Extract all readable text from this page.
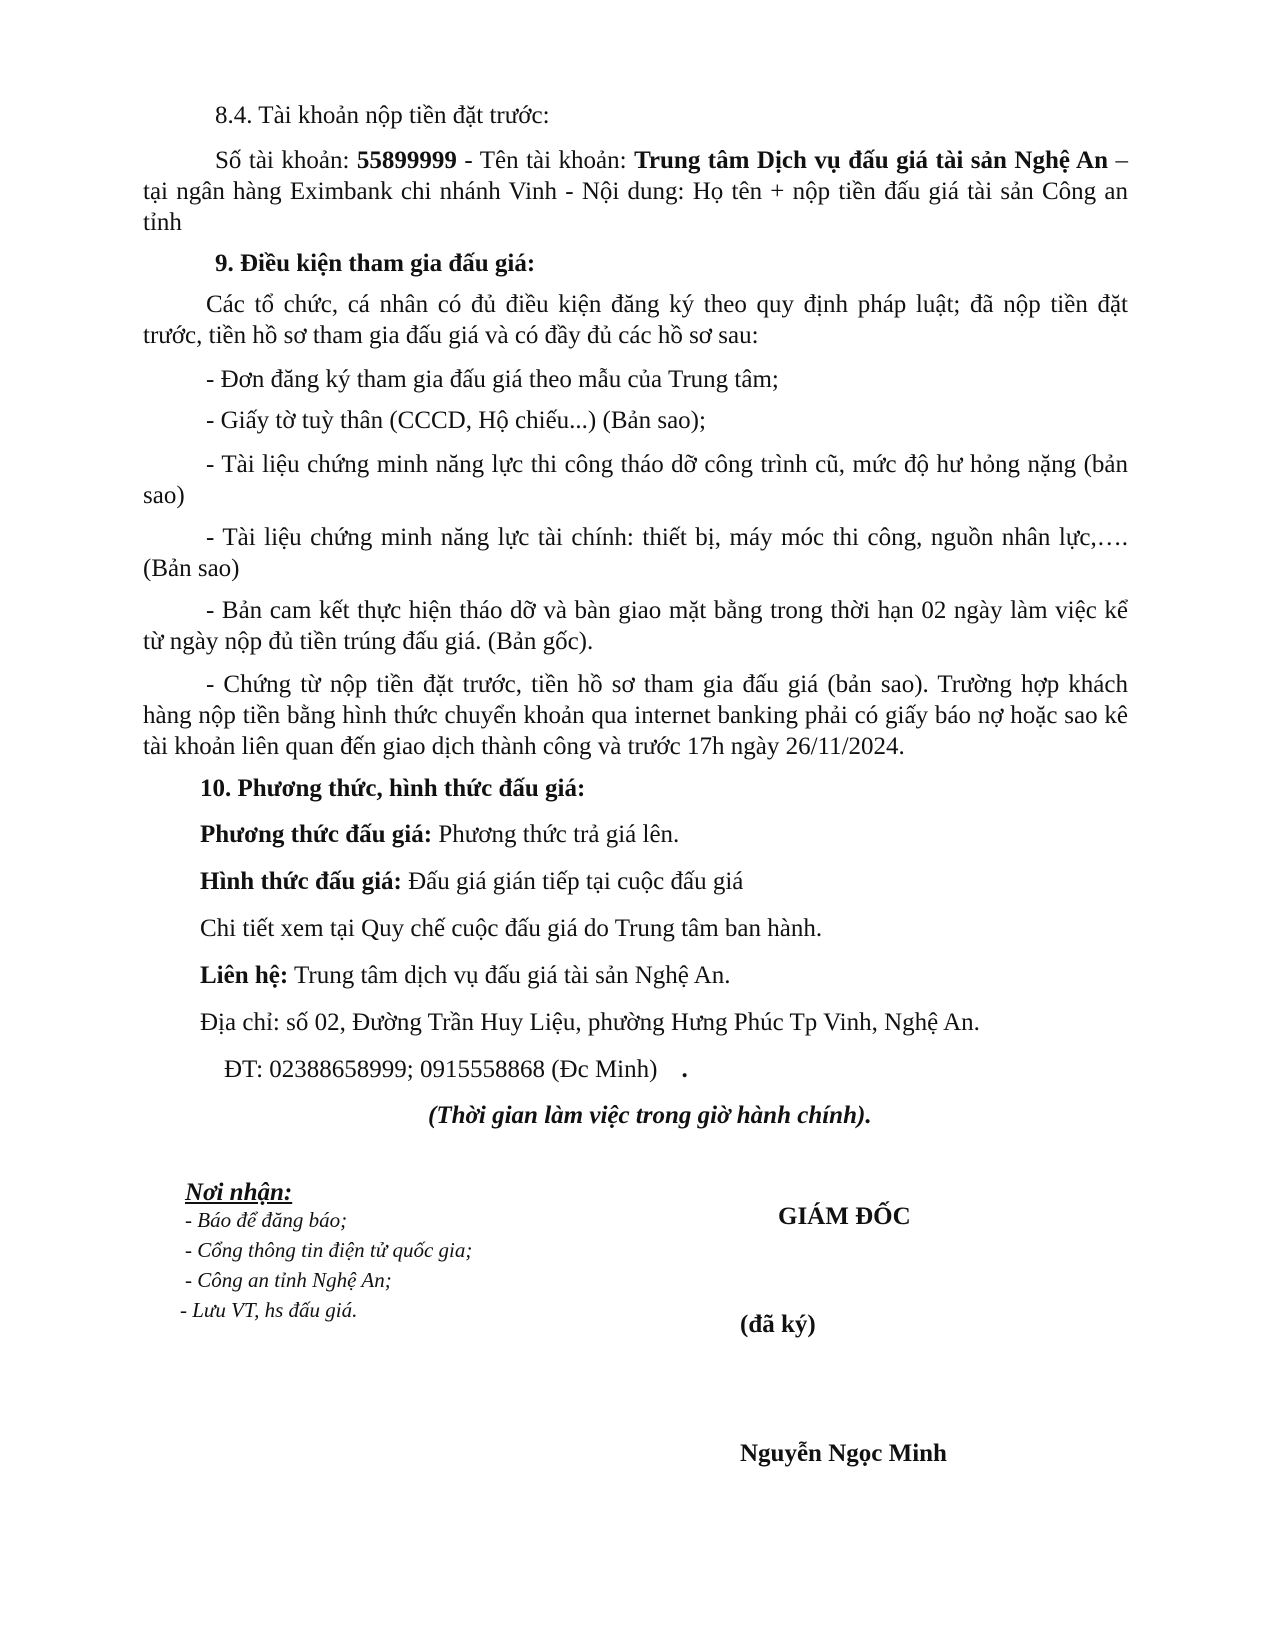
8.4. Tài khoản nộp tiền đặt trước:
Số tài khoản: 55899999 - Tên tài khoản: Trung tâm Dịch vụ đấu giá tài sản Nghệ An – tại ngân hàng Eximbank chi nhánh Vinh - Nội dung: Họ tên + nộp tiền đấu giá tài sản Công an tỉnh
9. Điều kiện tham gia đấu giá:
Các tổ chức, cá nhân có đủ điều kiện đăng ký theo quy định pháp luật; đã nộp tiền đặt trước, tiền hồ sơ tham gia đấu giá và có đầy đủ các hồ sơ sau:
- Đơn đăng ký tham gia đấu giá theo mẫu của Trung tâm;
- Giấy tờ tuỳ thân (CCCD, Hộ chiếu...) (Bản sao);
- Tài liệu chứng minh năng lực thi công tháo dỡ công trình cũ, mức độ hư hỏng nặng (bản sao)
- Tài liệu chứng minh năng lực tài chính: thiết bị, máy móc thi công, nguồn nhân lực,…. (Bản sao)
- Bản cam kết thực hiện tháo dỡ và bàn giao mặt bằng trong thời hạn 02 ngày làm việc kể từ ngày nộp đủ tiền trúng đấu giá. (Bản gốc).
- Chứng từ nộp tiền đặt trước, tiền hồ sơ tham gia đấu giá (bản sao). Trường hợp khách hàng nộp tiền bằng hình thức chuyển khoản qua internet banking phải có giấy báo nợ hoặc sao kê tài khoản liên quan đến giao dịch thành công và trước 17h ngày 26/11/2024.
10. Phương thức, hình thức đấu giá:
Phương thức đấu giá: Phương thức trả giá lên.
Hình thức đấu giá: Đấu giá gián tiếp tại cuộc đấu giá
Chi tiết xem tại Quy chế cuộc đấu giá do Trung tâm ban hành.
Liên hệ: Trung tâm dịch vụ đấu giá tài sản Nghệ An.
Địa chỉ: số 02, Đường Trần Huy Liệu, phường Hưng Phúc Tp Vinh, Nghệ An.
ĐT: 02388658999; 0915558868 (Đc Minh) .
(Thời gian làm việc trong giờ hành chính).
Nơi nhận:
- Báo để đăng báo;
- Cổng thông tin điện tử quốc gia;
- Công an tỉnh Nghệ An;
- Lưu VT, hs đấu giá.
GIÁM ĐỐC
(đã ký)
Nguyễn Ngọc Minh
